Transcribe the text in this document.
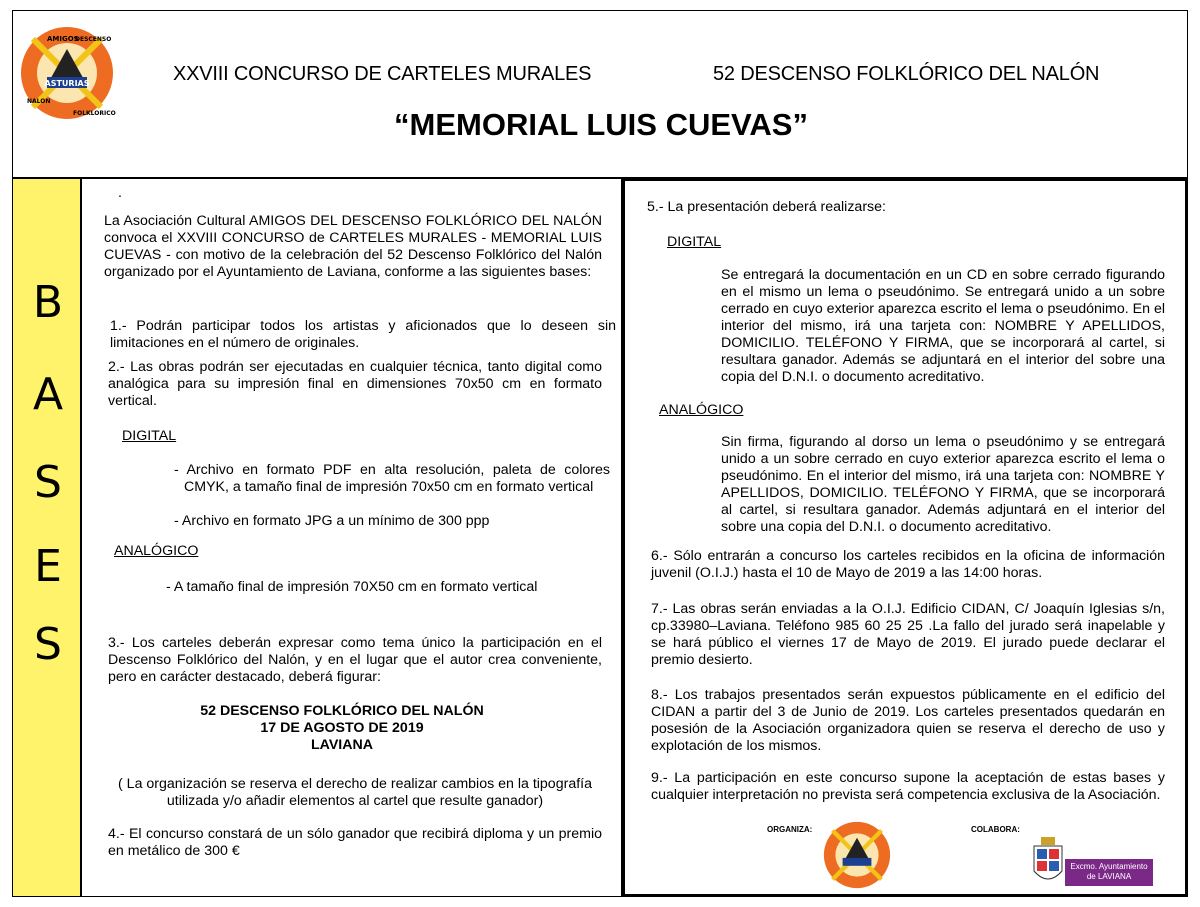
ASTURIAS
AMIGOS
DESCENSO
NALON
FOLKLORICO
XXVIII CONCURSO DE CARTELES MURALES	52 DESCENSO FOLKLÓRICO DEL NALÓN
“MEMORIAL LUIS CUEVAS”
B
A
S
E
S
.

La Asociación Cultural AMIGOS DEL DESCENSO FOLKLÓRICO DEL NALÓN convoca el XXVIII CONCURSO de CARTELES MURALES - MEMORIAL LUIS CUEVAS - con motivo de la celebración del 52 Descenso Folklórico del Nalón organizado por el Ayuntamiento de Laviana, conforme a las siguientes bases:

1.- Podrán participar todos los artistas y aficionados que lo deseen sin limitaciones en el número de originales.

2.- Las obras podrán ser ejecutadas en cualquier técnica, tanto digital como analógica para su impresión final en dimensiones 70x50 cm en formato vertical.

DIGITAL

- Archivo en formato PDF en alta resolución, paleta de colores CMYK, a tamaño final de impresión 70x50 cm en formato vertical

- Archivo en formato JPG a un mínimo de 300 ppp

ANALÓGICO

- A tamaño final de impresión 70X50 cm en formato vertical

3.- Los carteles deberán expresar como tema único la participación en el Descenso Folklórico del Nalón, y en el lugar que el autor crea conveniente, pero en carácter destacado, deberá figurar:

52 DESCENSO FOLKLÓRICO DEL NALÓN
17 DE AGOSTO DE 2019
LAVIANA

( La organización se reserva el derecho de realizar cambios en la tipografía utilizada y/o añadir elementos al cartel que resulte ganador)

4.- El concurso constará de un sólo ganador que recibirá diploma y un premio en metálico de 300 €

5.- La presentación deberá realizarse:
DIGITAL

Se entregará la documentación en un CD en sobre cerrado figurando en el mismo un lema o pseudónimo. Se entregará unido a un sobre cerrado en cuyo exterior aparezca escrito el lema o pseudónimo. En el interior del mismo, irá una tarjeta con: NOMBRE Y APELLIDOS, DOMICILIO. TELÉFONO Y FIRMA, que se incorporará al cartel, si resultara ganador. Además se adjuntará en el interior del sobre una copia del D.N.I. o documento acreditativo.

ANALÓGICO

Sin firma, figurando al dorso un lema o pseudónimo y se entregará unido a un sobre cerrado en cuyo exterior aparezca escrito el lema o pseudónimo. En el interior del mismo, irá una tarjeta con: NOMBRE Y APELLIDOS, DOMICILIO. TELÉFONO Y FIRMA, que se incorporará al cartel, si resultara ganador. Además adjuntará en el interior del sobre una copia del D.N.I. o documento acreditativo.

6.- Sólo entrarán a concurso los carteles recibidos en la oficina de información juvenil (O.I.J.) hasta el 10 de Mayo de 2019 a las 14:00 horas.

7.- Las obras serán enviadas a la O.I.J. Edificio CIDAN, C/ Joaquín Iglesias s/n, cp.33980–Laviana. Teléfono 985 60 25 25 .La fallo del jurado será inapelable y se hará público el viernes 17 de Mayo de 2019. El jurado puede declarar el premio desierto.

8.- Los trabajos presentados serán expuestos públicamente en el edificio del CIDAN a partir del 3 de Junio de 2019. Los carteles presentados quedarán en posesión de la Asociación organizadora quien se reserva el derecho de uso y explotación de los mismos.

9.- La participación en este concurso supone la aceptación de estas bases y cualquier interpretación no prevista será competencia exclusiva de la Asociación.

ORGANIZA:	COLABORA:
Excmo. Ayuntamiento
de LAVIANA
